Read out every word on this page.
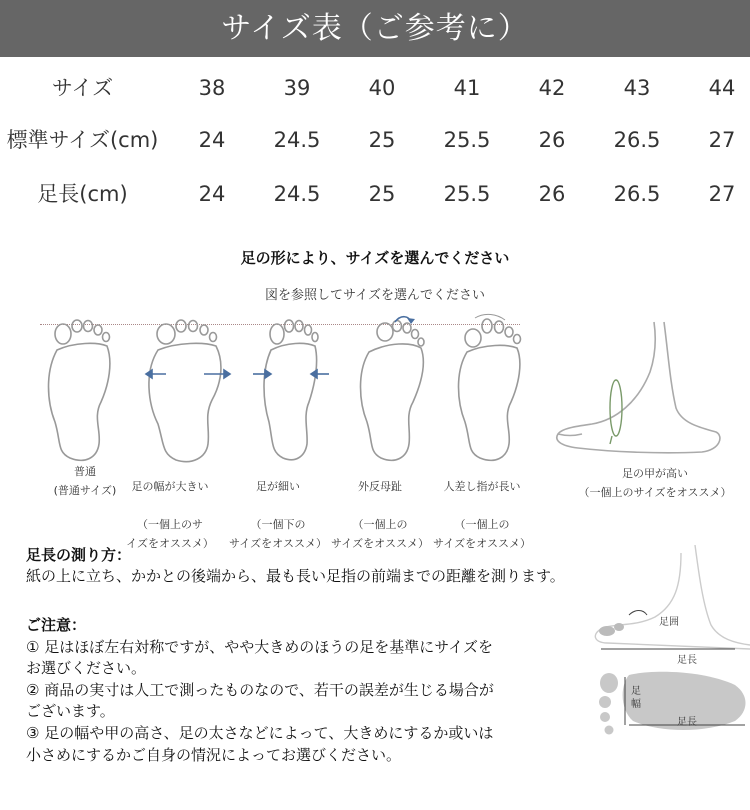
サイズ表（ご参考に）
サイズ	38	39	40	41	42	43	44
標準サイズ(cm)	24	24.5	25	25.5	26	26.5	27
足長(cm)	24	24.5	25	25.5	26	26.5	27
足の形により、サイズを選んでください
図を参照してサイズを選んでください
普通
(普通サイズ)	足の幅が大きい

（一個上のサ
イズをオススメ）

足が細い

（一個下の
サイズをオススメ）

外反母趾

（一個上の
サイズをオススメ）

人差し指が長い

（一個上の
サイズをオススメ）

足の甲が高い
（一個上のサイズをオススメ）
足長の測り方：
紙の上に立ち、かかとの後端から、最も長い足指の前端までの距離を測ります。
ご注意：

① 足はほぼ左右対称ですが、やや大きめのほうの足を基準にサイズを
お選びください。

② 商品の実寸は人工で測ったものなので、若干の誤差が生じる場合が
ございます。

③ 足の幅や甲の高さ、足の太さなどによって、大きめにするか或いは
小さめにするかご自身の情況によってお選びください。

足囲
足長
足
幅
足長
